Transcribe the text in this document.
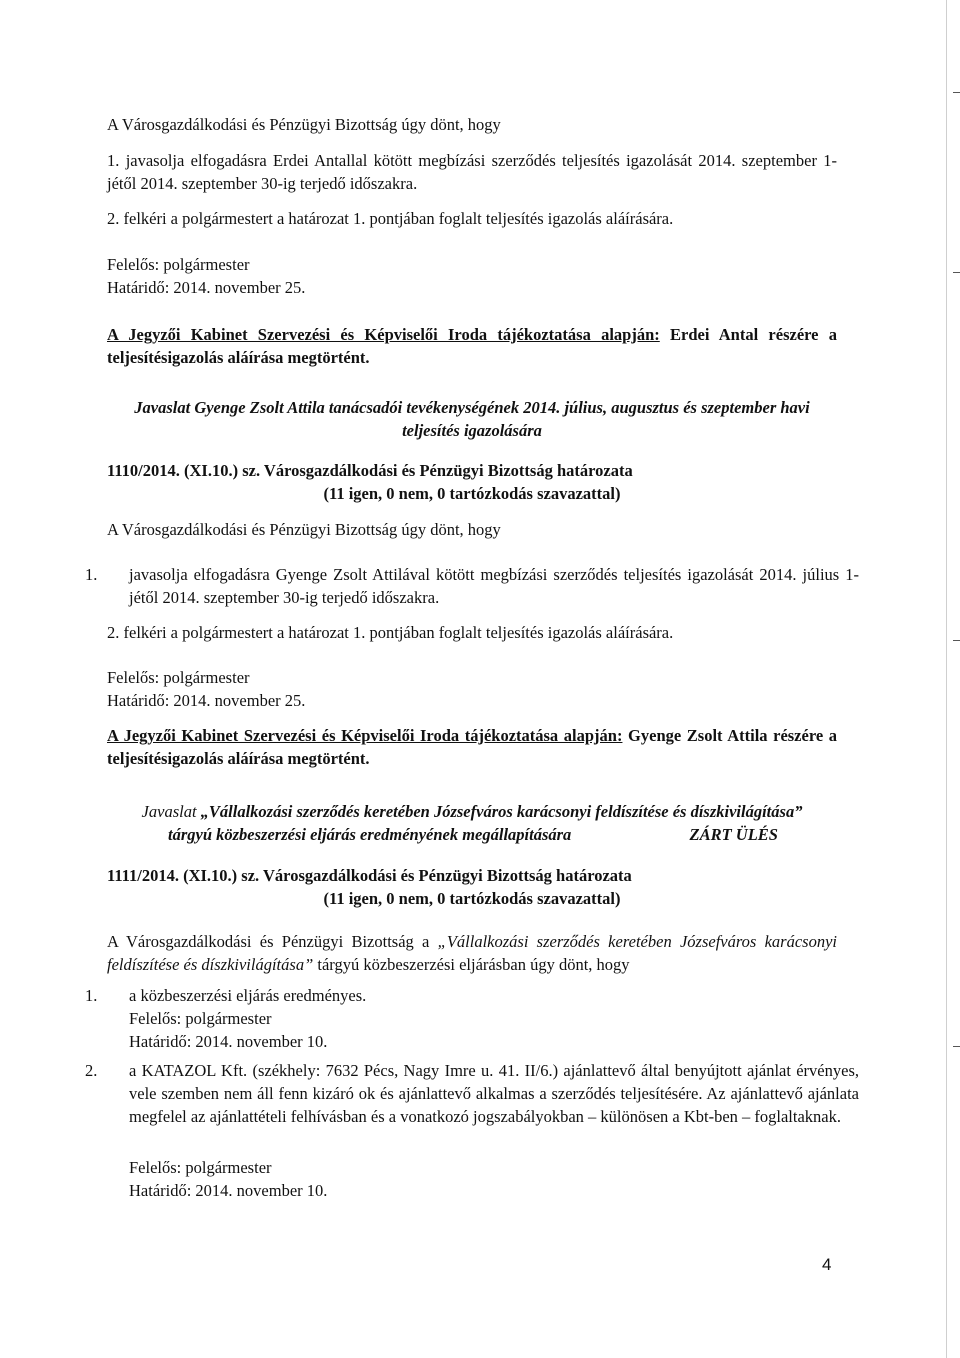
A Városgazdálkodási és Pénzügyi Bizottság úgy dönt, hogy

1. javasolja elfogadásra Erdei Antallal kötött megbízási szerződés teljesítés igazolását 2014. szeptember 1-jétől 2014. szeptember 30-ig terjedő időszakra.

2. felkéri a polgármestert a határozat 1. pontjában foglalt teljesítés igazolás aláírására.

Felelős: polgármester

Határidő: 2014. november 25.

A Jegyzői Kabinet Szervezési és Képviselői Iroda tájékoztatása alapján: Erdei Antal részére a teljesítésigazolás aláírása megtörtént.

Javaslat Gyenge Zsolt Attila tanácsadói tevékenységének 2014. július, augusztus és szeptember havi
teljesítés igazolására

1110/2014. (XI.10.) sz. Városgazdálkodási és Pénzügyi Bizottság határozata

(11 igen, 0 nem, 0 tartózkodás szavazattal)

A Városgazdálkodási és Pénzügyi Bizottság úgy dönt, hogy

1. javasolja elfogadásra Gyenge Zsolt Attilával kötött megbízási szerződés teljesítés igazolását 2014. július 1-jétől 2014. szeptember 30-ig terjedő időszakra.

2. felkéri a polgármestert a határozat 1. pontjában foglalt teljesítés igazolás aláírására.

Felelős: polgármester

Határidő: 2014. november 25.

A Jegyzői Kabinet Szervezési és Képviselői Iroda tájékoztatása alapján: Gyenge Zsolt Attila részére a teljesítésigazolás aláírása megtörtént.

Javaslat „Vállalkozási szerződés keretében Józsefváros karácsonyi feldíszítése és díszkivilágítása”

tárgyú közbeszerzési eljárás eredményének megállapítására	ZÁRT ÜLÉS

1111/2014. (XI.10.) sz. Városgazdálkodási és Pénzügyi Bizottság határozata

(11 igen, 0 nem, 0 tartózkodás szavazattal)

A Városgazdálkodási és Pénzügyi Bizottság a „Vállalkozási szerződés keretében Józsefváros karácsonyi feldíszítése és díszkivilágítása” tárgyú közbeszerzési eljárásban úgy dönt, hogy

1. a közbeszerzési eljárás eredményes.

Felelős: polgármester

Határidő: 2014. november 10.

2. a KATAZOL Kft. (székhely: 7632 Pécs, Nagy Imre u. 41. II/6.) ajánlattevő által benyújtott ajánlat érvényes, vele szemben nem áll fenn kizáró ok és ajánlattevő alkalmas a szerződés teljesítésére. Az ajánlattevő ajánlata megfelel az ajánlattételi felhívásban és a vonatkozó jogszabályokban – különösen a Kbt-ben – foglaltaknak.

Felelős: polgármester

Határidő: 2014. november 10.

4
